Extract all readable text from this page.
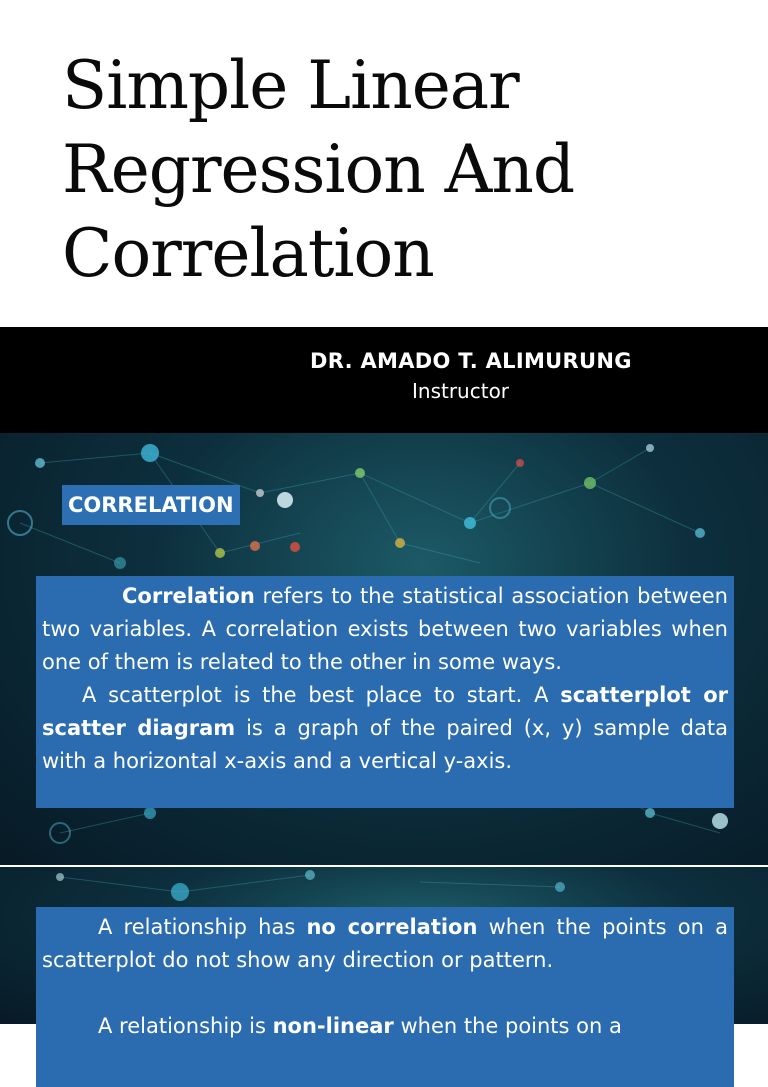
Simple Linear
Regression And
Correlation
DR. AMADO T. ALIMURUNG
Instructor
CORRELATION

Correlation refers to the statistical association between two variables. A correlation exists between two variables when one of them is related to the other in some ways.

A scatterplot is the best place to start. A scatterplot or scatter diagram is a graph of the paired (x, y) sample data with a horizontal x-axis and a vertical y-axis.

A relationship has no correlation when the points on a scatterplot do not show any direction or pattern.

A relationship is non-linear when the points on a
